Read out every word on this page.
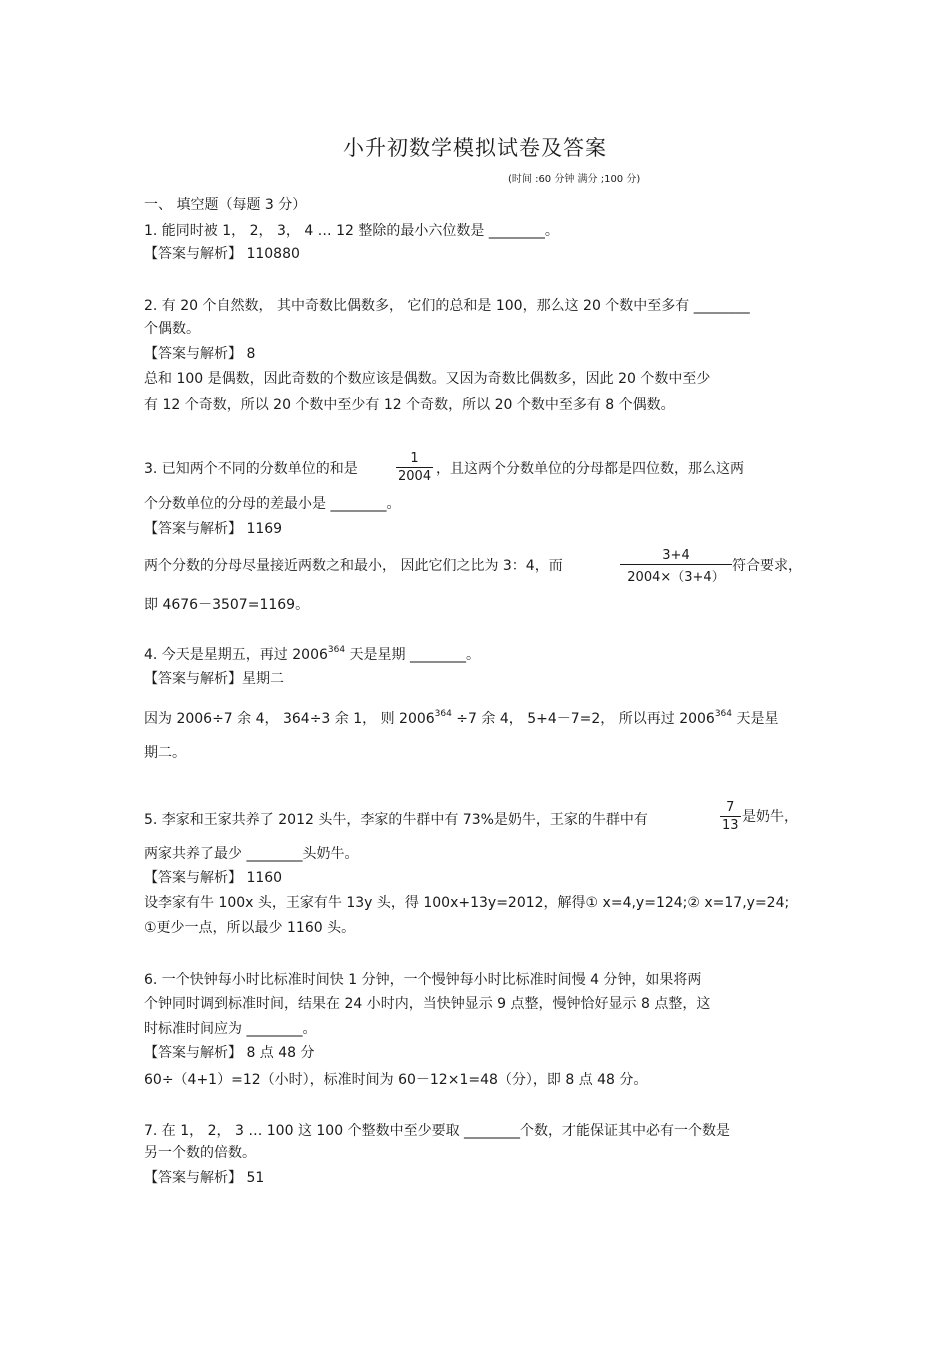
小升初数学模拟试卷及答案
(时间 :60 分钟 满分 ;100 分)
一、 填空题（每题 3 分）
1. 能同时被 1， 2， 3， 4 … 12 整除的最小六位数是 ________。
【答案与解析】 110880
2. 有 20 个自然数， 其中奇数比偶数多， 它们的总和是 100，那么这 20 个数中至多有 ________
个偶数。
【答案与解析】 8
总和 100 是偶数，因此奇数的个数应该是偶数。又因为奇数比偶数多，因此 20 个数中至少
有 12 个奇数，所以 20 个数中至少有 12 个奇数，所以 20 个数中至多有 8 个偶数。
3. 已知两个不同的分数单位的和是	$\frac{1}{2004}$ ，且这两个分数单位的分母都是四位数，那么这两
个分数单位的分母的差最小是 ________。
【答案与解析】 1169
两个分数的分母尽量接近两数之和最小， 因此它们之比为 3：4，而	$\frac{3+4}{2004\times(3+4)}$ 符合要求，
即 4676－3507=1169。
4. 今天是星期五，再过 2006$^{364}$ 天是星期 ________。
【答案与解析】星期二
因为 2006÷7 余 4， 364÷3 余 1， 则 $2006^{364} \div 7$ 余 4， 5+4－7=2， 所以再过 2006$^{364}$ 天是星
期二。
5. 李家和王家共养了 2012 头牛，李家的牛群中有 73%是奶牛，王家的牛群中有	$\frac{7}{13}$ 是奶牛，
两家共养了最少 ________头奶牛。
【答案与解析】 1160
设李家有牛 100x 头，王家有牛 13y 头，得 100x+13y=2012，解得① x=4,y=124;② x=17,y=24;
①更少一点，所以最少 1160 头。
6. 一个快钟每小时比标准时间快 1 分钟，一个慢钟每小时比标准时间慢 4 分钟，如果将两
个钟同时调到标准时间，结果在 24 小时内，当快钟显示 9 点整，慢钟恰好显示 8 点整，这
时标准时间应为 ________。
【答案与解析】 8 点 48 分
60÷（4+1）=12（小时），标准时间为 60－12×1=48（分），即 8 点 48 分。
7. 在 1， 2， 3 … 100 这 100 个整数中至少要取 ________个数，才能保证其中必有一个数是
另一个数的倍数。
【答案与解析】 51
